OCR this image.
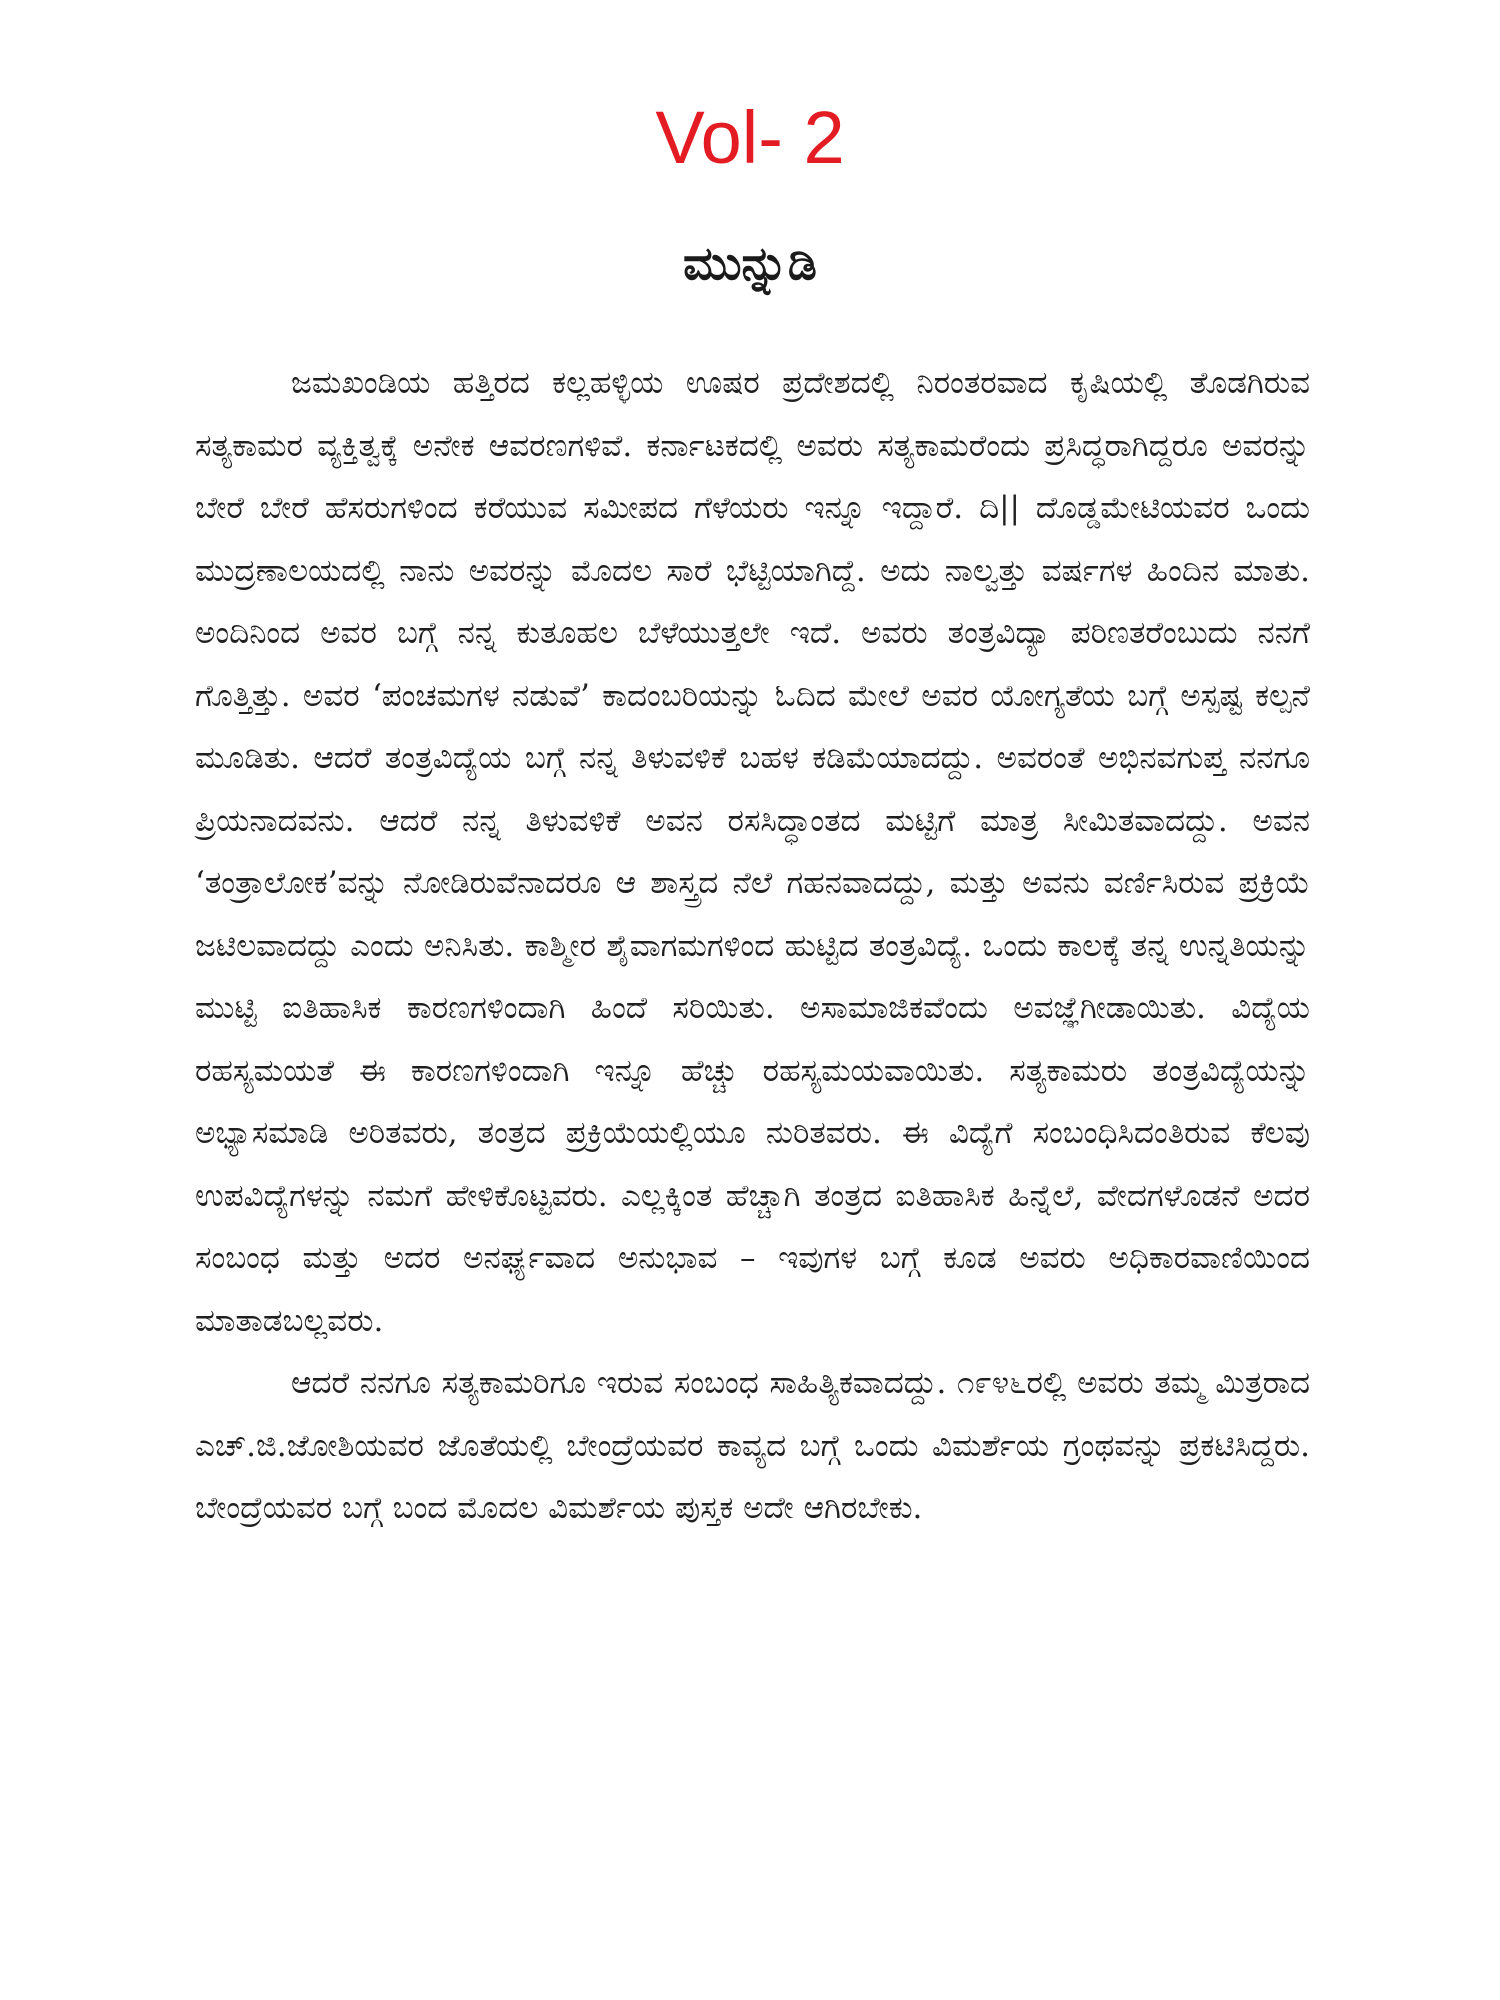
Vol- 2
ಮುನ್ನುಡಿ

ಜಮಖಂಡಿಯ ಹತ್ತಿರದ ಕಲ್ಲಹಳ್ಳಿಯ ಊಷರ ಪ್ರದೇಶದಲ್ಲಿ ನಿರಂತರವಾದ ಕೃಷಿಯಲ್ಲಿ ತೊಡಗಿರುವ ಸತ್ಯಕಾಮರ ವ್ಯಕ್ತಿತ್ವಕ್ಕೆ ಅನೇಕ ಆವರಣಗಳಿವೆ. ಕರ್ನಾಟಕದಲ್ಲಿ ಅವರು ಸತ್ಯಕಾಮರೆಂದು ಪ್ರಸಿದ್ಧರಾಗಿದ್ದರೂ ಅವರನ್ನು ಬೇರೆ ಬೇರೆ ಹೆಸರುಗಳಿಂದ ಕರೆಯುವ ಸಮೀಪದ ಗೆಳೆಯರು ಇನ್ನೂ ಇದ್ದಾರೆ. ದಿ|| ದೊಡ್ಡಮೇಟಿಯವರ ಒಂದು ಮುದ್ರಣಾಲಯದಲ್ಲಿ ನಾನು ಅವರನ್ನು ಮೊದಲ ಸಾರೆ ಭೆಟ್ಟಿಯಾಗಿದ್ದೆ. ಅದು ನಾಲ್ವತ್ತು ವರ್ಷಗಳ ಹಿಂದಿನ ಮಾತು. ಅಂದಿನಿಂದ ಅವರ ಬಗ್ಗೆ ನನ್ನ ಕುತೂಹಲ ಬೆಳೆಯುತ್ತಲೇ ಇದೆ. ಅವರು ತಂತ್ರವಿದ್ಯಾ ಪರಿಣತರೆಂಬುದು ನನಗೆ ಗೊತ್ತಿತ್ತು. ಅವರ ‘ಪಂಚಮಗಳ ನಡುವೆ’ ಕಾದಂಬರಿಯನ್ನು ಓದಿದ ಮೇಲೆ ಅವರ ಯೋಗ್ಯತೆಯ ಬಗ್ಗೆ ಅಸ್ಪಷ್ಟ ಕಲ್ಪನೆ ಮೂಡಿತು. ಆದರೆ ತಂತ್ರವಿದ್ಯೆಯ ಬಗ್ಗೆ ನನ್ನ ತಿಳುವಳಿಕೆ ಬಹಳ ಕಡಿಮೆಯಾದದ್ದು. ಅವರಂತೆ ಅಭಿನವಗುಪ್ತ ನನಗೂ ಪ್ರಿಯನಾದವನು. ಆದರೆ ನನ್ನ ತಿಳುವಳಿಕೆ ಅವನ ರಸಸಿದ್ಧಾಂತದ ಮಟ್ಟಿಗೆ ಮಾತ್ರ ಸೀಮಿತವಾದದ್ದು. ಅವನ ‘ತಂತ್ರಾಲೋಕ’ವನ್ನು ನೋಡಿರುವೆನಾದರೂ ಆ ಶಾಸ್ತ್ರದ ನೆಲೆ ಗಹನವಾದದ್ದು, ಮತ್ತು ಅವನು ವರ್ಣಿಸಿರುವ ಪ್ರಕ್ರಿಯೆ ಜಟಿಲವಾದದ್ದು ಎಂದು ಅನಿಸಿತು. ಕಾಶ್ಮೀರ ಶೈವಾಗಮಗಳಿಂದ ಹುಟ್ಟಿದ ತಂತ್ರವಿದ್ಯೆ. ಒಂದು ಕಾಲಕ್ಕೆ ತನ್ನ ಉನ್ನತಿಯನ್ನು ಮುಟ್ಟಿ ಐತಿಹಾಸಿಕ ಕಾರಣಗಳಿಂದಾಗಿ ಹಿಂದೆ ಸರಿಯಿತು. ಅಸಾಮಾಜಿಕವೆಂದು ಅವಜ್ಞೆಗೀಡಾಯಿತು. ವಿದ್ಯೆಯ ರಹಸ್ಯಮಯತೆ ಈ ಕಾರಣಗಳಿಂದಾಗಿ ಇನ್ನೂ ಹೆಚ್ಚು ರಹಸ್ಯಮಯವಾಯಿತು. ಸತ್ಯಕಾಮರು ತಂತ್ರವಿದ್ಯೆಯನ್ನು ಅಭ್ಯಾಸಮಾಡಿ ಅರಿತವರು, ತಂತ್ರದ ಪ್ರಕ್ರಿಯೆಯಲ್ಲಿಯೂ ನುರಿತವರು. ಈ ವಿದ್ಯೆಗೆ ಸಂಬಂಧಿಸಿದಂತಿರುವ ಕೆಲವು ಉಪವಿದ್ಯೆಗಳನ್ನು ನಮಗೆ ಹೇಳಿಕೊಟ್ಟವರು. ಎಲ್ಲಕ್ಕಿಂತ ಹೆಚ್ಚಾಗಿ ತಂತ್ರದ ಐತಿಹಾಸಿಕ ಹಿನ್ನೆಲೆ, ವೇದಗಳೊಡನೆ ಅದರ ಸಂಬಂಧ ಮತ್ತು ಅದರ ಅನರ್ಘ್ಯವಾದ ಅನುಭಾವ – ಇವುಗಳ ಬಗ್ಗೆ ಕೂಡ ಅವರು ಅಧಿಕಾರವಾಣಿಯಿಂದ ಮಾತಾಡಬಲ್ಲವರು.

ಆದರೆ ನನಗೂ ಸತ್ಯಕಾಮರಿಗೂ ಇರುವ ಸಂಬಂಧ ಸಾಹಿತ್ಯಿಕವಾದದ್ದು. ೧೯೪೬ರಲ್ಲಿ ಅವರು ತಮ್ಮ ಮಿತ್ರರಾದ ಎಚ್.ಜಿ.ಜೋಶಿಯವರ ಜೊತೆಯಲ್ಲಿ ಬೇಂದ್ರೆಯವರ ಕಾವ್ಯದ ಬಗ್ಗೆ ಒಂದು ವಿಮರ್ಶೆಯ ಗ್ರಂಥವನ್ನು ಪ್ರಕಟಿಸಿದ್ದರು. ಬೇಂದ್ರೆಯವರ ಬಗ್ಗೆ ಬಂದ ಮೊದಲ ವಿಮರ್ಶೆಯ ಪುಸ್ತಕ ಅದೇ ಆಗಿರಬೇಕು.
